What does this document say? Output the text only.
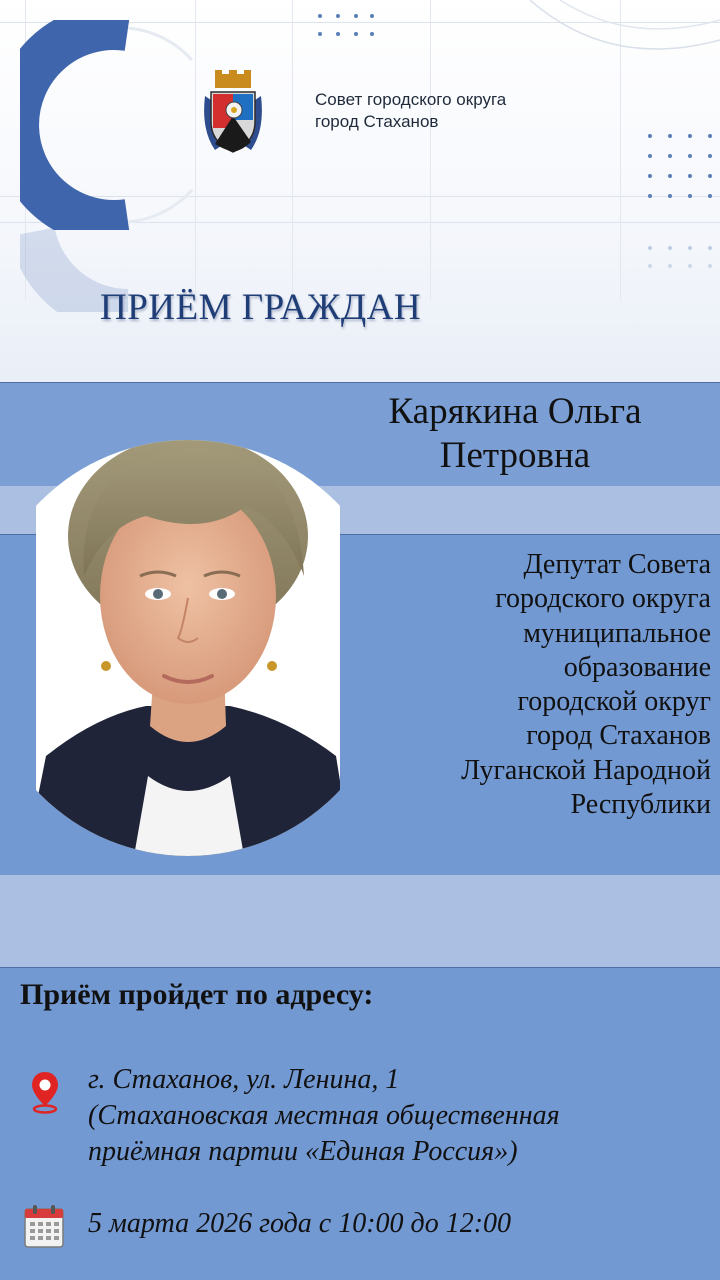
Совет городского округа
город Стаханов
ПРИЁМ ГРАЖДАН
Карякина Ольга
Петровна
Депутат Совета
городского округа
муниципальное
образование
городской округ
город Стаханов
Луганской Народной
Республики
Приём пройдет по адресу:
г. Стаханов, ул. Ленина, 1
(Стахановская местная общественная
приёмная партии «Единая Россия»)
5 марта 2026 года с 10:00 до 12:00
